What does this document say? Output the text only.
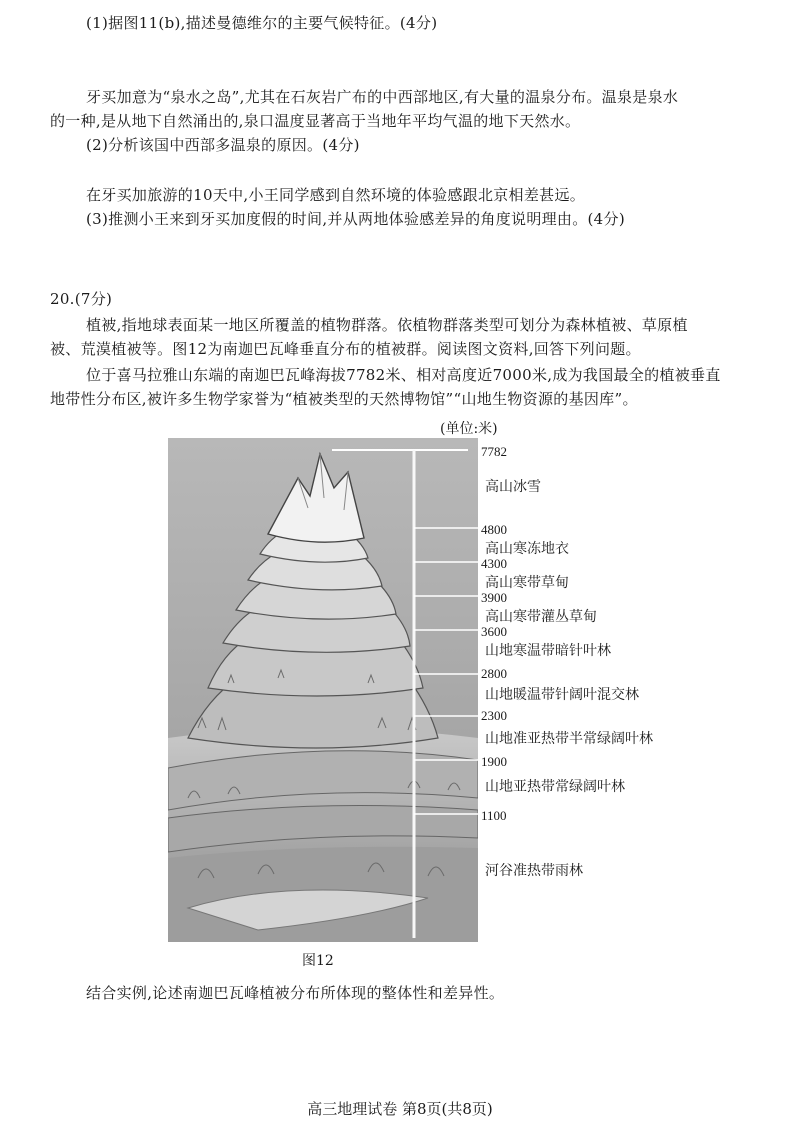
(1)据图11(b),描述曼德维尔的主要气候特征。(4分)
牙买加意为“泉水之岛”,尤其在石灰岩广布的中西部地区,有大量的温泉分布。温泉是泉水
的一种,是从地下自然涌出的,泉口温度显著高于当地年平均气温的地下天然水。
(2)分析该国中西部多温泉的原因。(4分)
在牙买加旅游的10天中,小王同学感到自然环境的体验感跟北京相差甚远。
(3)推测小王来到牙买加度假的时间,并从两地体验感差异的角度说明理由。(4分)
20.(7分)
植被,指地球表面某一地区所覆盖的植物群落。依植物群落类型可划分为森林植被、草原植
被、荒漠植被等。图12为南迦巴瓦峰垂直分布的植被群。阅读图文资料,回答下列问题。
位于喜马拉雅山东端的南迦巴瓦峰海拔7782米、相对高度近7000米,成为我国最全的植被垂直
地带性分布区,被许多生物学家誉为“植被类型的天然博物馆”“山地生物资源的基因库”。
结合实例,论述南迦巴瓦峰植被分布所体现的整体性和差异性。
(单位:米)
7782
高山冰雪
4800
高山寒冻地衣
4300
高山寒带草甸
3900
高山寒带灌丛草甸
3600
山地寒温带暗针叶林
2800
山地暖温带针阔叶混交林
2300
山地准亚热带半常绿阔叶林
1900
山地亚热带常绿阔叶林
1100
河谷准热带雨林
图12
高三地理试卷 第8页(共8页)
